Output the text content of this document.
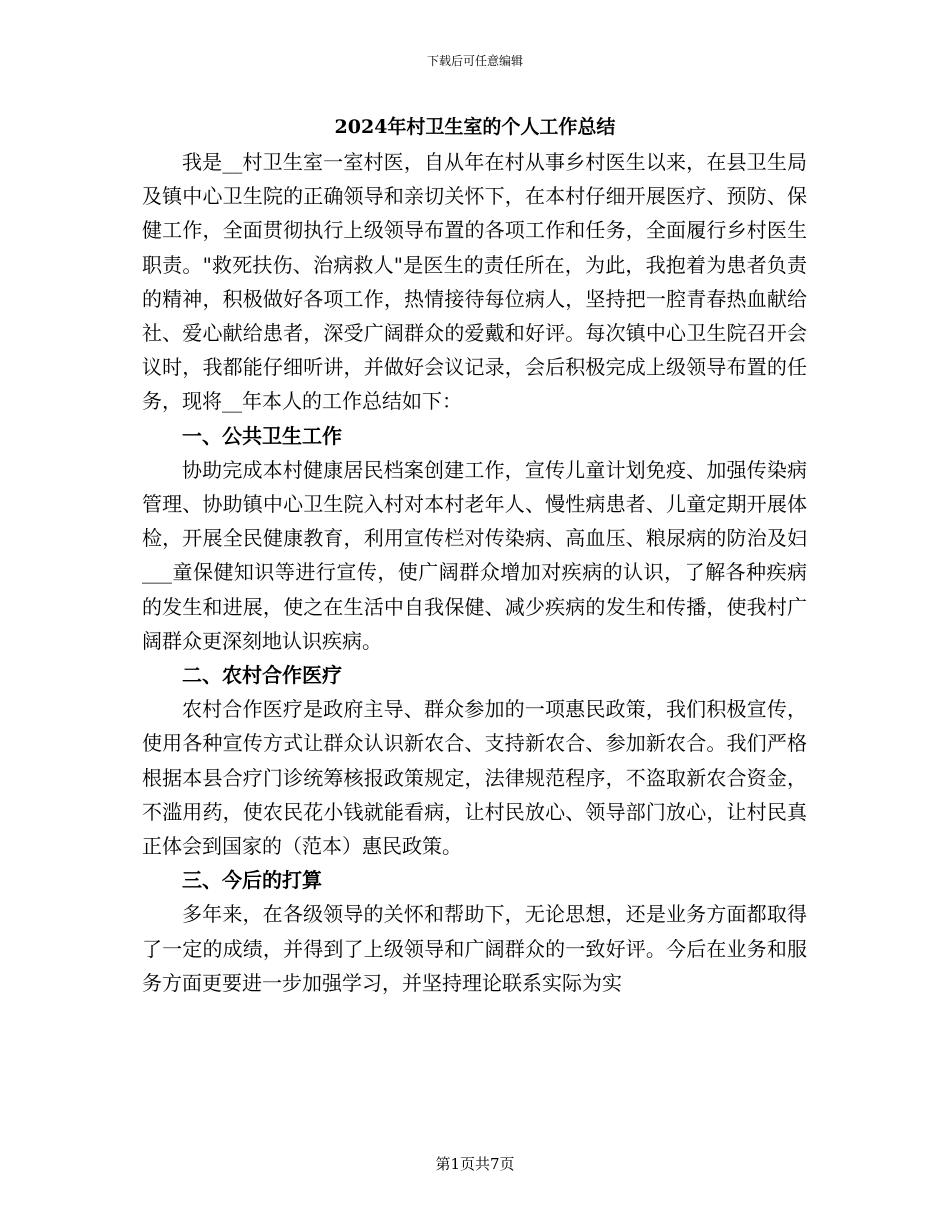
下载后可任意编辑
2024年村卫生室的个人工作总结

我是__村卫生室一室村医，自从年在村从事乡村医生以来，在县卫生局及镇中心卫生院的正确领导和亲切关怀下，在本村仔细开展医疗、预防、保健工作，全面贯彻执行上级领导布置的各项工作和任务，全面履行乡村医生职责。"救死扶伤、治病救人"是医生的责任所在，为此，我抱着为患者负责的精神，积极做好各项工作，热情接待每位病人，坚持把一腔青春热血献给社、爱心献给患者，深受广阔群众的爱戴和好评。每次镇中心卫生院召开会议时，我都能仔细听讲，并做好会议记录，会后积极完成上级领导布置的任务，现将__年本人的工作总结如下：

一、公共卫生工作

协助完成本村健康居民档案创建工作，宣传儿童计划免疫、加强传染病管理、协助镇中心卫生院入村对本村老年人、慢性病患者、儿童定期开展体检，开展全民健康教育，利用宣传栏对传染病、高血压、粮尿病的防治及妇___童保健知识等进行宣传，使广阔群众增加对疾病的认识，了解各种疾病的发生和进展，使之在生活中自我保健、减少疾病的发生和传播，使我村广阔群众更深刻地认识疾病。

二、农村合作医疗

农村合作医疗是政府主导、群众参加的一项惠民政策，我们积极宣传，使用各种宣传方式让群众认识新农合、支持新农合、参加新农合。我们严格根据本县合疗门诊统筹核报政策规定，法律规范程序，不盗取新农合资金，不滥用药，使农民花小钱就能看病，让村民放心、领导部门放心，让村民真正体会到国家的（范本）惠民政策。

三、今后的打算

多年来，在各级领导的关怀和帮助下，无论思想，还是业务方面都取得了一定的成绩，并得到了上级领导和广阔群众的一致好评。今后在业务和服务方面更要进一步加强学习，并坚持理论联系实际为实

第1页共7页
